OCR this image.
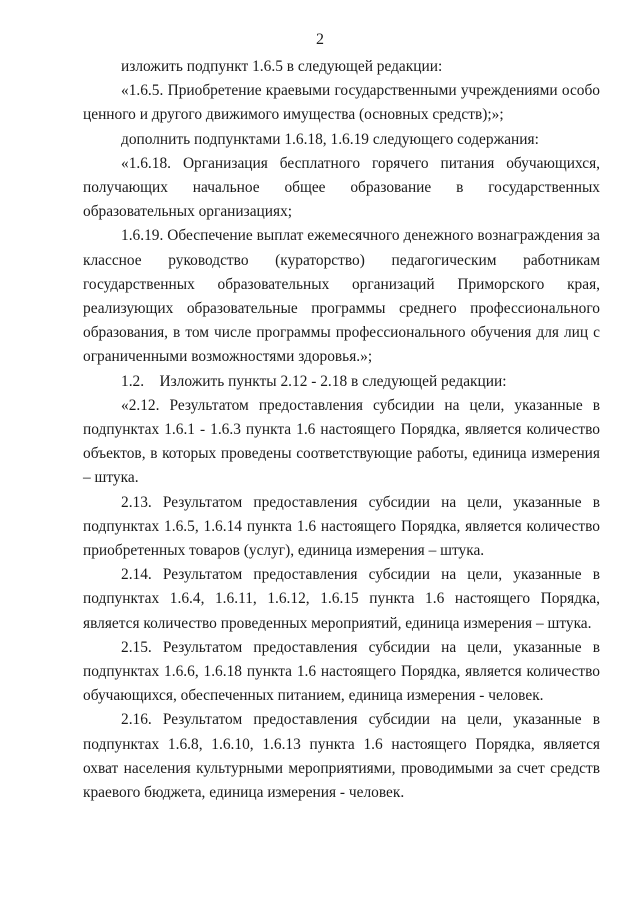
2

изложить подпункт 1.6.5 в следующей редакции:

«1.6.5. Приобретение краевыми государственными учреждениями особо ценного и другого движимого имущества (основных средств);»;

дополнить подпунктами 1.6.18, 1.6.19 следующего содержания:

«1.6.18. Организация бесплатного горячего питания обучающихся, получающих начальное общее образование в государственных образовательных организациях;

1.6.19. Обеспечение выплат ежемесячного денежного вознаграждения за классное руководство (кураторство) педагогическим работникам государственных образовательных организаций Приморского края, реализующих образовательные программы среднего профессионального образования, в том числе программы профессионального обучения для лиц с ограниченными возможностями здоровья.»;

1.2. Изложить пункты 2.12 - 2.18 в следующей редакции:

«2.12. Результатом предоставления субсидии на цели, указанные в подпунктах 1.6.1 - 1.6.3 пункта 1.6 настоящего Порядка, является количество объектов, в которых проведены соответствующие работы, единица измерения – штука.

2.13. Результатом предоставления субсидии на цели, указанные в подпунктах 1.6.5, 1.6.14 пункта 1.6 настоящего Порядка, является количество приобретенных товаров (услуг), единица измерения – штука.

2.14. Результатом предоставления субсидии на цели, указанные в подпунктах 1.6.4, 1.6.11, 1.6.12, 1.6.15 пункта 1.6 настоящего Порядка, является количество проведенных мероприятий, единица измерения – штука.

2.15. Результатом предоставления субсидии на цели, указанные в подпунктах 1.6.6, 1.6.18 пункта 1.6 настоящего Порядка, является количество обучающихся, обеспеченных питанием, единица измерения - человек.

2.16. Результатом предоставления субсидии на цели, указанные в подпунктах 1.6.8, 1.6.10, 1.6.13 пункта 1.6 настоящего Порядка, является охват населения культурными мероприятиями, проводимыми за счет средств краевого бюджета, единица измерения - человек.
